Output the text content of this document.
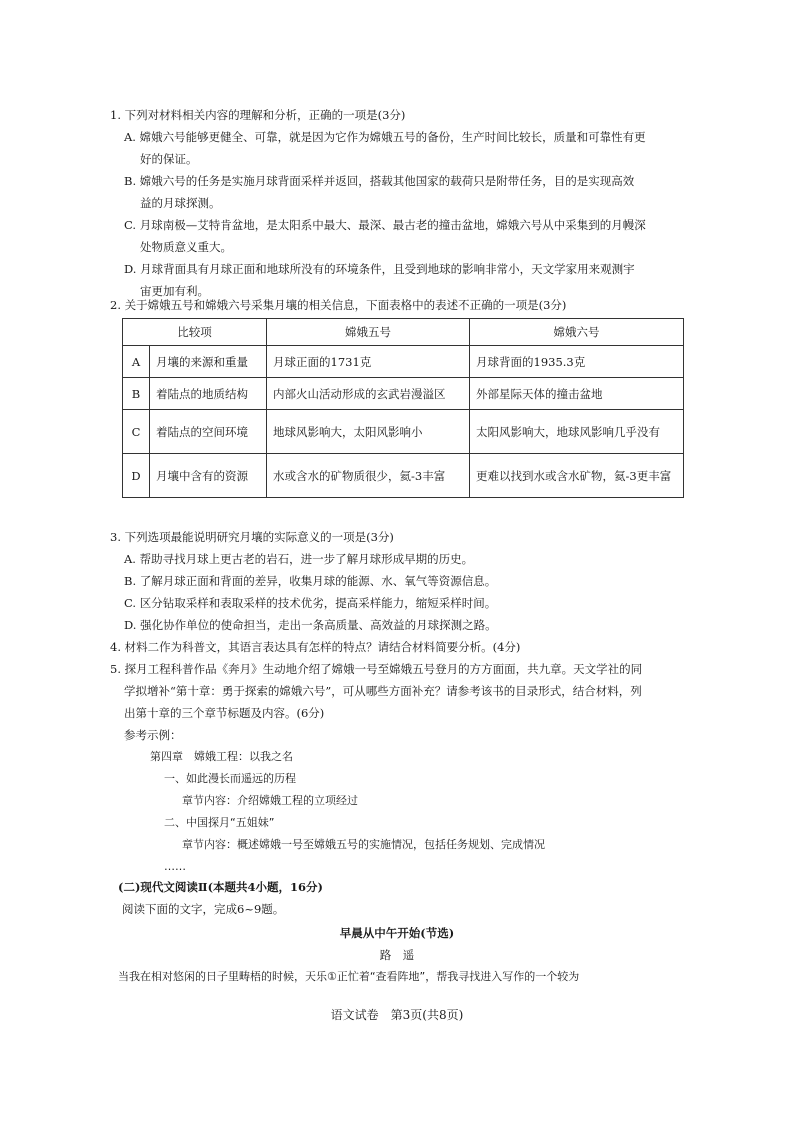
1. 下列对材料相关内容的理解和分析，正确的一项是(3分)

A. 嫦娥六号能够更健全、可靠，就是因为它作为嫦娥五号的备份，生产时间比较长，质量和可靠性有更

好的保证。

B. 嫦娥六号的任务是实施月球背面采样并返回，搭载其他国家的载荷只是附带任务，目的是实现高效

益的月球探测。

C. 月球南极—艾特肯盆地，是太阳系中最大、最深、最古老的撞击盆地，嫦娥六号从中采集到的月幔深

处物质意义重大。

D. 月球背面具有月球正面和地球所没有的环境条件，且受到地球的影响非常小，天文学家用来观测宇

宙更加有利。

2. 关于嫦娥五号和嫦娥六号采集月壤的相关信息，下面表格中的表述不正确的一项是(3分)

比较项		嫦娥五号	嫦娥六号
A	月壤的来源和重量	月球正面的1731克	月球背面的1935.3克
B	着陆点的地质结构	内部火山活动形成的玄武岩漫溢区	外部星际天体的撞击盆地
C	着陆点的空间环境	地球风影响大，太阳风影响小	太阳风影响大，地球风影响几乎没有
D	月壤中含有的资源	水或含水的矿物质很少，氦-3丰富	更难以找到水或含水矿物，氦-3更丰富

3. 下列选项最能说明研究月壤的实际意义的一项是(3分)

A. 帮助寻找月球上更古老的岩石，进一步了解月球形成早期的历史。

B. 了解月球正面和背面的差异，收集月球的能源、水、氧气等资源信息。

C. 区分钻取采样和表取采样的技术优劣，提高采样能力，缩短采样时间。

D. 强化协作单位的使命担当，走出一条高质量、高效益的月球探测之路。

4. 材料二作为科普文，其语言表达具有怎样的特点？请结合材料简要分析。(4分)

5. 探月工程科普作品《奔月》生动地介绍了嫦娥一号至嫦娥五号登月的方方面面，共九章。天文学社的同

学拟增补“第十章：勇于探索的嫦娥六号”，可从哪些方面补充？请参考该书的目录形式，结合材料，列

出第十章的三个章节标题及内容。(6分)

参考示例：

第四章　嫦娥工程：以我之名

一、如此漫长而遥远的历程

章节内容：介绍嫦娥工程的立项经过

二、中国探月“五姐妹”

章节内容：概述嫦娥一号至嫦娥五号的实施情况，包括任务规划、完成情况

……

(二)现代文阅读Ⅱ(本题共4小题，16分)

阅读下面的文字，完成6~9题。

早晨从中午开始(节选)
路　遥
当我在相对悠闲的日子里畴梧的时候，天乐①正忙着“查看阵地”，帮我寻找进入写作的一个较为
语文试卷　第3页(共8页)
